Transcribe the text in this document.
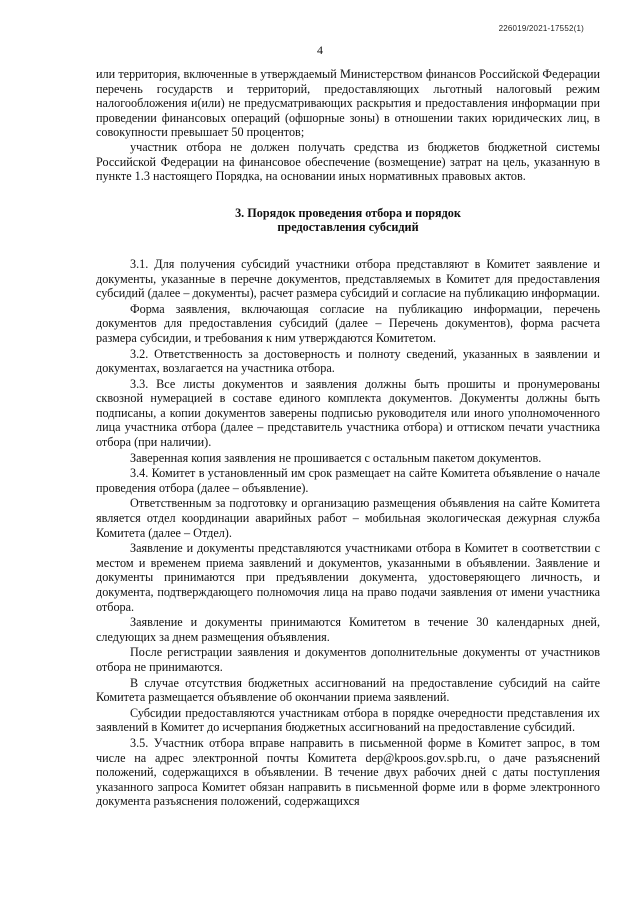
226019/2021-17552(1)
4

или территория, включенные в утверждаемый Министерством финансов Российской Федерации перечень государств и территорий, предоставляющих льготный налоговый режим налогообложения и(или) не предусматривающих раскрытия и предоставления информации при проведении финансовых операций (офшорные зоны) в отношении таких юридических лиц, в совокупности превышает 50 процентов;

участник отбора не должен получать средства из бюджетов бюджетной системы Российской Федерации на финансовое обеспечение (возмещение) затрат на цель, указанную в пункте 1.3 настоящего Порядка, на основании иных нормативных правовых актов.

3. Порядок проведения отбора и порядок
предоставления субсидий

3.1. Для получения субсидий участники отбора представляют в Комитет заявление и документы, указанные в перечне документов, представляемых в Комитет для предоставления субсидий (далее – документы), расчет размера субсидий и согласие на публикацию информации.

Форма заявления, включающая согласие на публикацию информации, перечень документов для предоставления субсидий (далее – Перечень документов), форма расчета размера субсидии, и требования к ним утверждаются Комитетом.

3.2. Ответственность за достоверность и полноту сведений, указанных в заявлении и документах, возлагается на участника отбора.

3.3. Все листы документов и заявления должны быть прошиты и пронумерованы сквозной нумерацией в составе единого комплекта документов. Документы должны быть подписаны, а копии документов заверены подписью руководителя или иного уполномоченного лица участника отбора (далее – представитель участника отбора) и оттиском печати участника отбора (при наличии).

Заверенная копия заявления не прошивается с остальным пакетом документов.

3.4. Комитет в установленный им срок размещает на сайте Комитета объявление о начале проведения отбора (далее – объявление).

Ответственным за подготовку и организацию размещения объявления на сайте Комитета является отдел координации аварийных работ – мобильная экологическая дежурная служба Комитета (далее – Отдел).

Заявление и документы представляются участниками отбора в Комитет в соответствии с местом и временем приема заявлений и документов, указанными в объявлении. Заявление и документы принимаются при предъявлении документа, удостоверяющего личность, и документа, подтверждающего полномочия лица на право подачи заявления от имени участника отбора.

Заявление и документы принимаются Комитетом в течение 30 календарных дней, следующих за днем размещения объявления.

После регистрации заявления и документов дополнительные документы от участников отбора не принимаются.

В случае отсутствия бюджетных ассигнований на предоставление субсидий на сайте Комитета размещается объявление об окончании приема заявлений.

Субсидии предоставляются участникам отбора в порядке очередности представления их заявлений в Комитет до исчерпания бюджетных ассигнований на предоставление субсидий.

3.5. Участник отбора вправе направить в письменной форме в Комитет запрос, в том числе на адрес электронной почты Комитета dep@kpoos.gov.spb.ru, о даче разъяснений положений, содержащихся в объявлении. В течение двух рабочих дней с даты поступления указанного запроса Комитет обязан направить в письменной форме или в форме электронного документа разъяснения положений, содержащихся
